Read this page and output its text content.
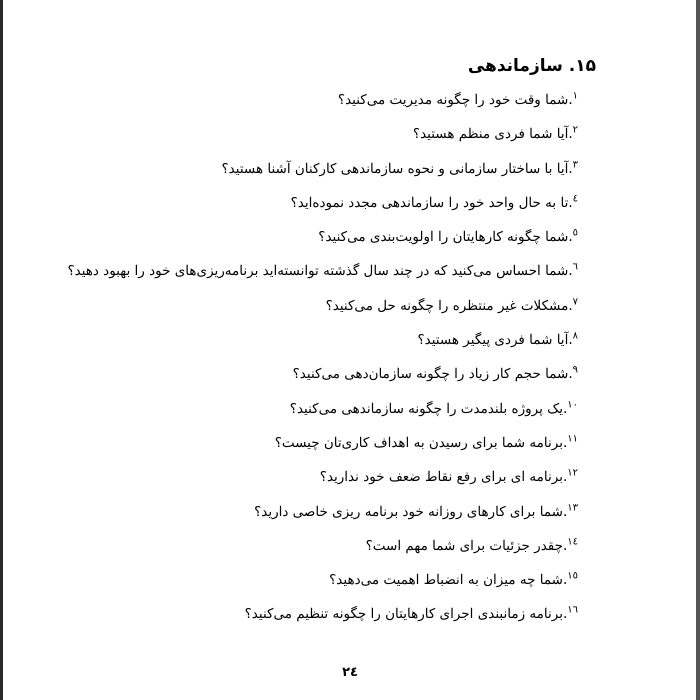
۱۵. سازماندهی
$^۱$.شما وقت خود را چگونه مدیریت می‌کنید؟
$^۲$.آیا شما فردی منظم هستید؟
$^۳$.آیا با ساختار سازمانی و نحوه سازماندهی کارکنان آشنا هستید؟
$^٤$.تا به حال واحد خود را سازماندهی مجدد نموده‌اید؟
$^٥$.شما چگونه کارهایتان را اولویت‌بندی می‌کنید؟
$^٦$.شما احساس می‌کنید که در چند سال گذشته توانسته‌اید برنامه‌ریزی‌های خود را بهبود دهید؟
$^۷$.مشکلات غیر منتظره را چگونه حل می‌کنید؟
$^۸$.آیا شما فردی پیگیر هستید؟
$^۹$.شما حجم کار زیاد را چگونه سازمان‌دهی می‌کنید؟
$^{۱۰}$.یک پروژه بلندمدت را چگونه سازماندهی می‌کنید؟
$^{۱۱}$.برنامه شما برای رسیدن به اهداف کاری‌تان چیست؟
$^{۱۲}$.برنامه ای برای رفع نقاط ضعف خود ندارید؟
$^{۱۳}$.شما برای کارهای روزانه خود برنامه ریزی خاصی دارید؟
$^{۱٤}$.چقدر جزئیات برای شما مهم است؟
$^{۱٥}$.شما چه میزان به انضباط اهمیت می‌دهید؟
$^{۱٦}$.برنامه زمانبندی اجرای کارهایتان را چگونه تنظیم می‌کنید؟
۲٤
